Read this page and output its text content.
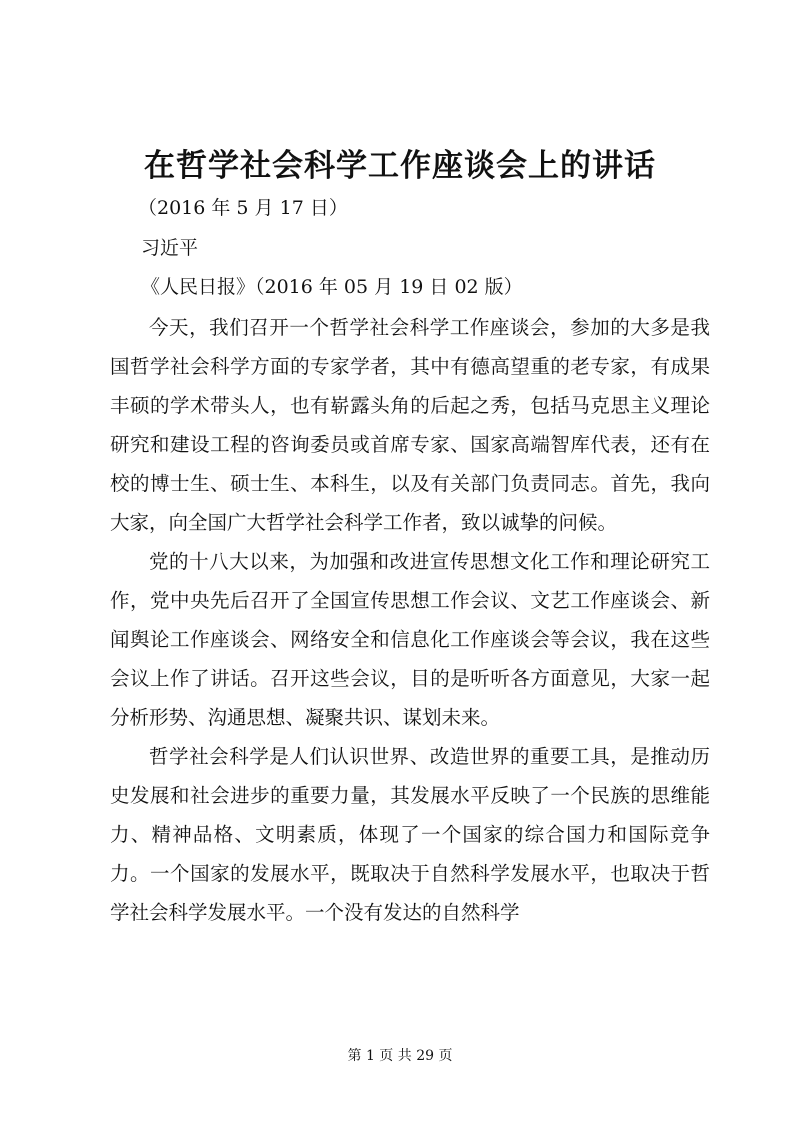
在哲学社会科学工作座谈会上的讲话

（2016 年 5 月 17 日）

习近平

《人民日报》（2016 年 05 月 19 日 02 版）

今天，我们召开一个哲学社会科学工作座谈会，参加的大多是我国哲学社会科学方面的专家学者，其中有德高望重的老专家，有成果丰硕的学术带头人，也有崭露头角的后起之秀，包括马克思主义理论研究和建设工程的咨询委员或首席专家、国家高端智库代表，还有在校的博士生、硕士生、本科生，以及有关部门负责同志。首先，我向大家，向全国广大哲学社会科学工作者，致以诚挚的问候。

党的十八大以来，为加强和改进宣传思想文化工作和理论研究工作，党中央先后召开了全国宣传思想工作会议、文艺工作座谈会、新闻舆论工作座谈会、网络安全和信息化工作座谈会等会议，我在这些会议上作了讲话。召开这些会议，目的是听听各方面意见，大家一起分析形势、沟通思想、凝聚共识、谋划未来。

哲学社会科学是人们认识世界、改造世界的重要工具，是推动历史发展和社会进步的重要力量，其发展水平反映了一个民族的思维能力、精神品格、文明素质，体现了一个国家的综合国力和国际竞争力。一个国家的发展水平，既取决于自然科学发展水平，也取决于哲学社会科学发展水平。一个没有发达的自然科学

第 1 页 共 29 页
